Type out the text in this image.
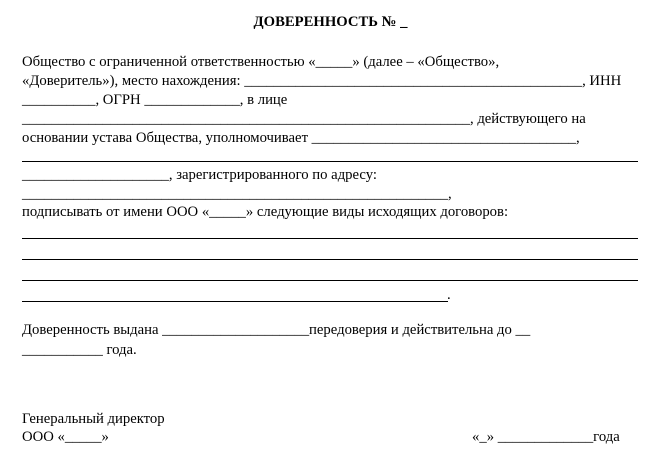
ДОВЕРЕННОСТЬ № _
Общество с ограниченной ответственностью «_____» (далее – «Общество»,
«Доверитель»), место нахождения: ______________________________________________, ИНН
__________, ОГРН _____________, в лице
_____________________________________________________________, действующего на
основании устава Общества, уполномочивает ____________________________________,
____________________, зарегистрированного по адресу:
__________________________________________________________,
подписывать от имени ООО «_____» следующие виды исходящих договоров:
.
Доверенность выдана ____________________передоверия и действительна до __
___________ года.
Генеральный директор
ООО «_____»	«_» _____________года
